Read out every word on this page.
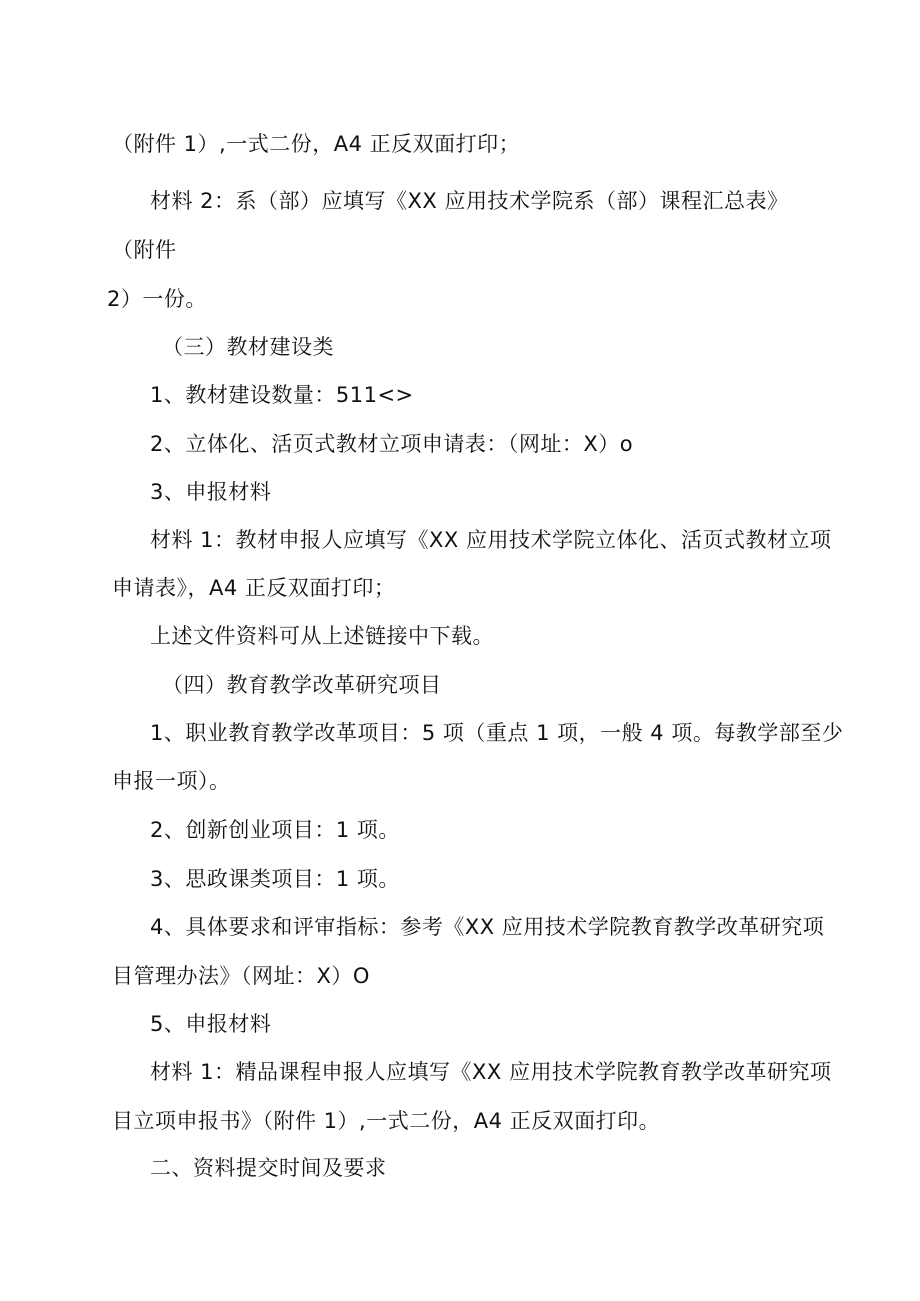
（附件 1）,一式二份，A4 正反双面打印；
材料 2：系（部）应填写《XX 应用技术学院系（部）课程汇总表》
（附件
2）一份。
（三）教材建设类
1、教材建设数量：511<>
2、立体化、活页式教材立项申请表：（网址：X）o
3、申报材料
材料 1：教材申报人应填写《XX 应用技术学院立体化、活页式教材立项
申请表》，A4 正反双面打印；
上述文件资料可从上述链接中下载。
（四）教育教学改革研究项目
1、职业教育教学改革项目：5 项（重点 1 项，一般 4 项。每教学部至少
申报一项）。
2、创新创业项目：1 项。
3、思政课类项目：1 项。
4、具体要求和评审指标：参考《XX 应用技术学院教育教学改革研究项
目管理办法》（网址：X）O
5、申报材料
材料 1：精品课程申报人应填写《XX 应用技术学院教育教学改革研究项
目立项申报书》（附件 1）,一式二份，A4 正反双面打印。
二、资料提交时间及要求
